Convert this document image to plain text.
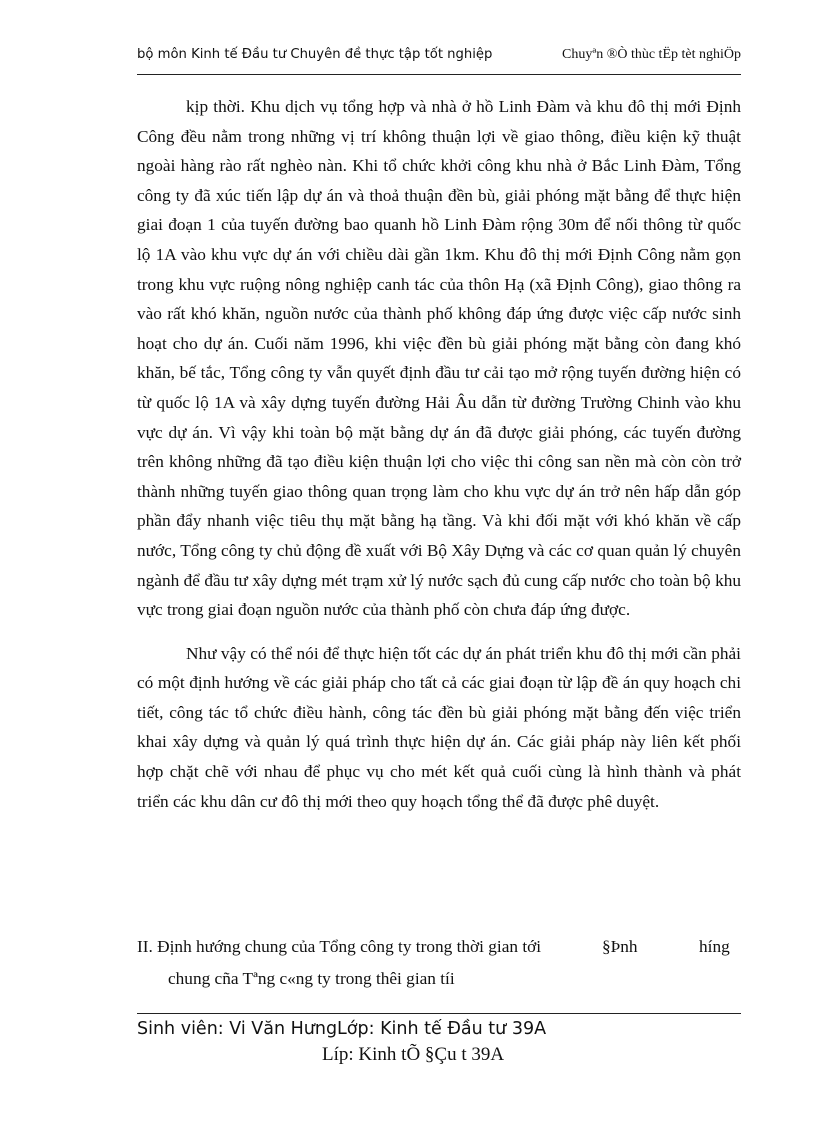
bộ môn Kinh tế Đầu tư Chuyên đề thực tập tốt nghiệp	Chuyªn ®Ò thùc tËp tèt nghiÖp

kịp thời. Khu dịch vụ tổng hợp và nhà ở hồ Linh Đàm và khu đô thị mới Định Công đều nằm trong những vị trí không thuận lợi về giao thông, điều kiện kỹ thuật ngoài hàng rào rất nghèo nàn. Khi tổ chức khởi công khu nhà ở Bắc Linh Đàm, Tổng công ty đã xúc tiến lập dự án và thoả thuận đền bù, giải phóng mặt bằng để thực hiện giai đoạn 1 của tuyến đường bao quanh hồ Linh Đàm rộng 30m để nối thông từ quốc lộ 1A vào khu vực dự án với chiều dài gần 1km. Khu đô thị mới Định Công nằm gọn trong khu vực ruộng nông nghiệp canh tác của thôn Hạ (xã Định Công), giao thông ra vào rất khó khăn, nguồn nước của thành phố không đáp ứng được việc cấp nước sinh hoạt cho dự án. Cuối năm 1996, khi việc đền bù giải phóng mặt bằng còn đang khó khăn, bế tắc, Tổng công ty vẫn quyết định đầu tư cải tạo mở rộng tuyến đường hiện có từ quốc lộ 1A và xây dựng tuyến đường Hải Âu dẫn từ đường Trường Chinh vào khu vực dự án. Vì vậy khi toàn bộ mặt bằng dự án đã được giải phóng, các tuyến đường trên không những đã tạo điều kiện thuận lợi cho việc thi công san nền mà còn còn trở thành những tuyến giao thông quan trọng làm cho khu vực dự án trở nên hấp dẫn góp phần đẩy nhanh việc tiêu thụ mặt bằng hạ tầng. Và khi đối mặt với khó khăn về cấp nước, Tổng công ty chủ động đề xuất với Bộ Xây Dựng và các cơ quan quản lý chuyên ngành để đầu tư xây dựng mét trạm xử lý nước sạch đủ cung cấp nước cho toàn bộ khu vực trong giai đoạn nguồn nước của thành phố còn chưa đáp ứng được.

Như vậy có thể nói để thực hiện tốt các dự án phát triển khu đô thị mới cần phải có một định hướng về các giải pháp cho tất cả các giai đoạn từ lập đề án quy hoạch chi tiết, công tác tổ chức điều hành, công tác đền bù giải phóng mặt bằng đến việc triển khai xây dựng và quản lý quá trình thực hiện dự án. Các giải pháp này liên kết phối hợp chặt chẽ với nhau để phục vụ cho mét kết quả cuối cùng là hình thành và phát triển các khu dân cư đô thị mới theo quy hoạch tổng thể đã được phê duyệt.

II. Định hướng chung của Tổng công ty trong thời gian tới	§Þnh	híng
chung cña Tªng c«ng ty trong thêi gian tíi
Sinh viên: Vi Văn HưngLớp: Kinh tế Đầu tư 39A
Líp: Kinh tÕ §Çu t 39A
